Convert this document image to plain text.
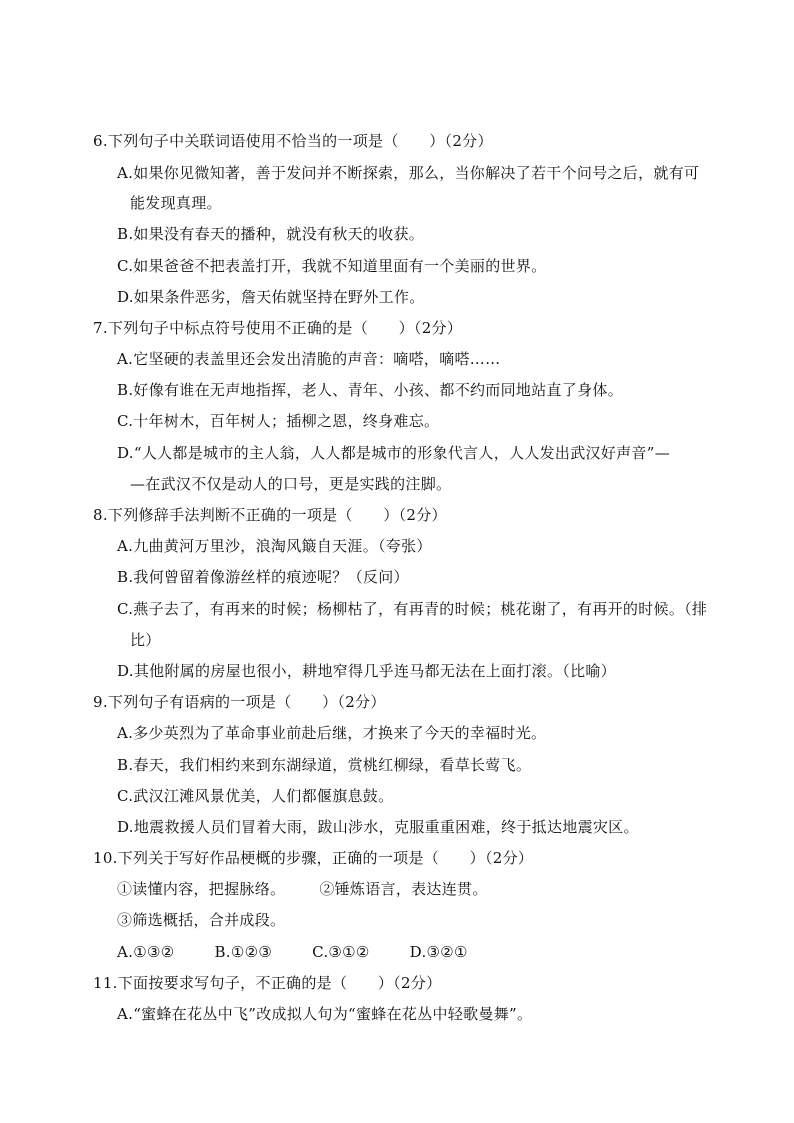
6.下列句子中关联词语使用不恰当的一项是（　　）（2分）
A.如果你见微知著，善于发问并不断探索，那么，当你解决了若干个问号之后，就有可
能发现真理。
B.如果没有春天的播种，就没有秋天的收获。
C.如果爸爸不把表盖打开，我就不知道里面有一个美丽的世界。
D.如果条件恶劣，詹天佑就坚持在野外工作。
7.下列句子中标点符号使用不正确的是（　　）（2分）
A.它坚硬的表盖里还会发出清脆的声音：嘀嗒，嘀嗒……
B.好像有谁在无声地指挥，老人、青年、小孩、都不约而同地站直了身体。
C.十年树木，百年树人；插柳之恩，终身难忘。
D.“人人都是城市的主人翁，人人都是城市的形象代言人，人人发出武汉好声音”—
—在武汉不仅是动人的口号，更是实践的注脚。
8.下列修辞手法判断不正确的一项是（　　）（2分）
A.九曲黄河万里沙，浪淘风簸自天涯。（夸张）
B.我何曾留着像游丝样的痕迹呢？（反问）
C.燕子去了，有再来的时候；杨柳枯了，有再青的时候；桃花谢了，有再开的时候。（排
比）
D.其他附属的房屋也很小，耕地窄得几乎连马都无法在上面打滚。（比喻）
9.下列句子有语病的一项是（　　）（2分）
A.多少英烈为了革命事业前赴后继，才换来了今天的幸福时光。
B.春天，我们相约来到东湖绿道，赏桃红柳绿，看草长莺飞。
C.武汉江滩风景优美，人们都偃旗息鼓。
D.地震救援人员们冒着大雨，跋山涉水，克服重重困难，终于抵达地震灾区。
10.下列关于写好作品梗概的步骤，正确的一项是（　　）（2分）
①读懂内容，把握脉络。 ②锤炼语言，表达连贯。
③筛选概括，合并成段。
A.①③②	B.①②③	C.③①②	D.③②①
11.下面按要求写句子，不正确的是（　　）（2分）
A.“蜜蜂在花丛中飞”改成拟人句为“蜜蜂在花丛中轻歌曼舞”。
